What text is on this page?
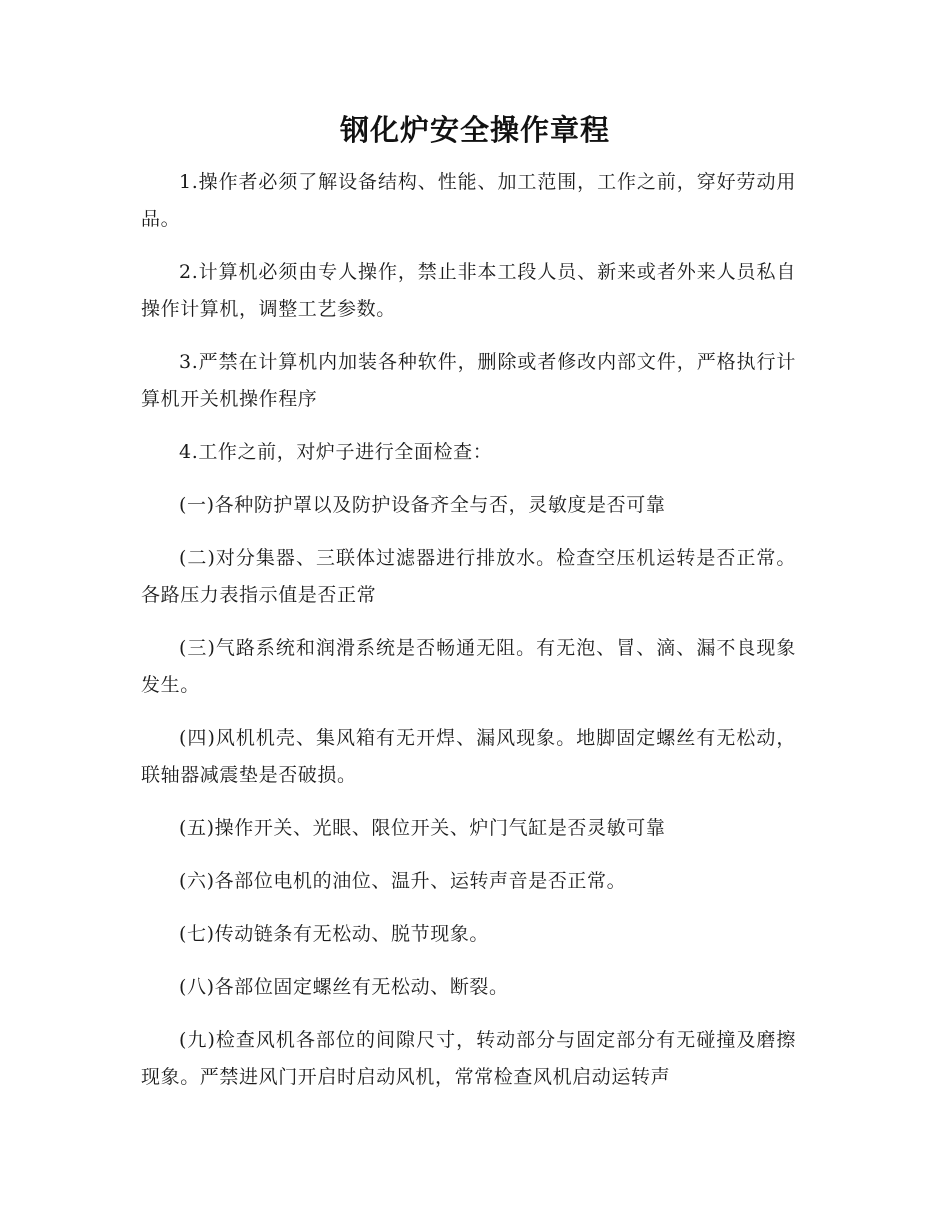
钢化炉安全操作章程

1.操作者必须了解设备结构、性能、加工范围，工作之前，穿好劳动用品。

2.计算机必须由专人操作，禁止非本工段人员、新来或者外来人员私自操作计算机，调整工艺参数。

3.严禁在计算机内加装各种软件，删除或者修改内部文件，严格执行计算机开关机操作程序

4.工作之前，对炉子进行全面检查：

(一)各种防护罩以及防护设备齐全与否，灵敏度是否可靠

(二)对分集器、三联体过滤器进行排放水。检查空压机运转是否正常。各路压力表指示值是否正常

(三)气路系统和润滑系统是否畅通无阻。有无泡、冒、滴、漏不良现象发生。

(四)风机机壳、集风箱有无开焊、漏风现象。地脚固定螺丝有无松动，联轴器减震垫是否破损。

(五)操作开关、光眼、限位开关、炉门气缸是否灵敏可靠

(六)各部位电机的油位、温升、运转声音是否正常。

(七)传动链条有无松动、脱节现象。

(八)各部位固定螺丝有无松动、断裂。

(九)检查风机各部位的间隙尺寸，转动部分与固定部分有无碰撞及磨擦现象。严禁进风门开启时启动风机，常常检查风机启动运转声
